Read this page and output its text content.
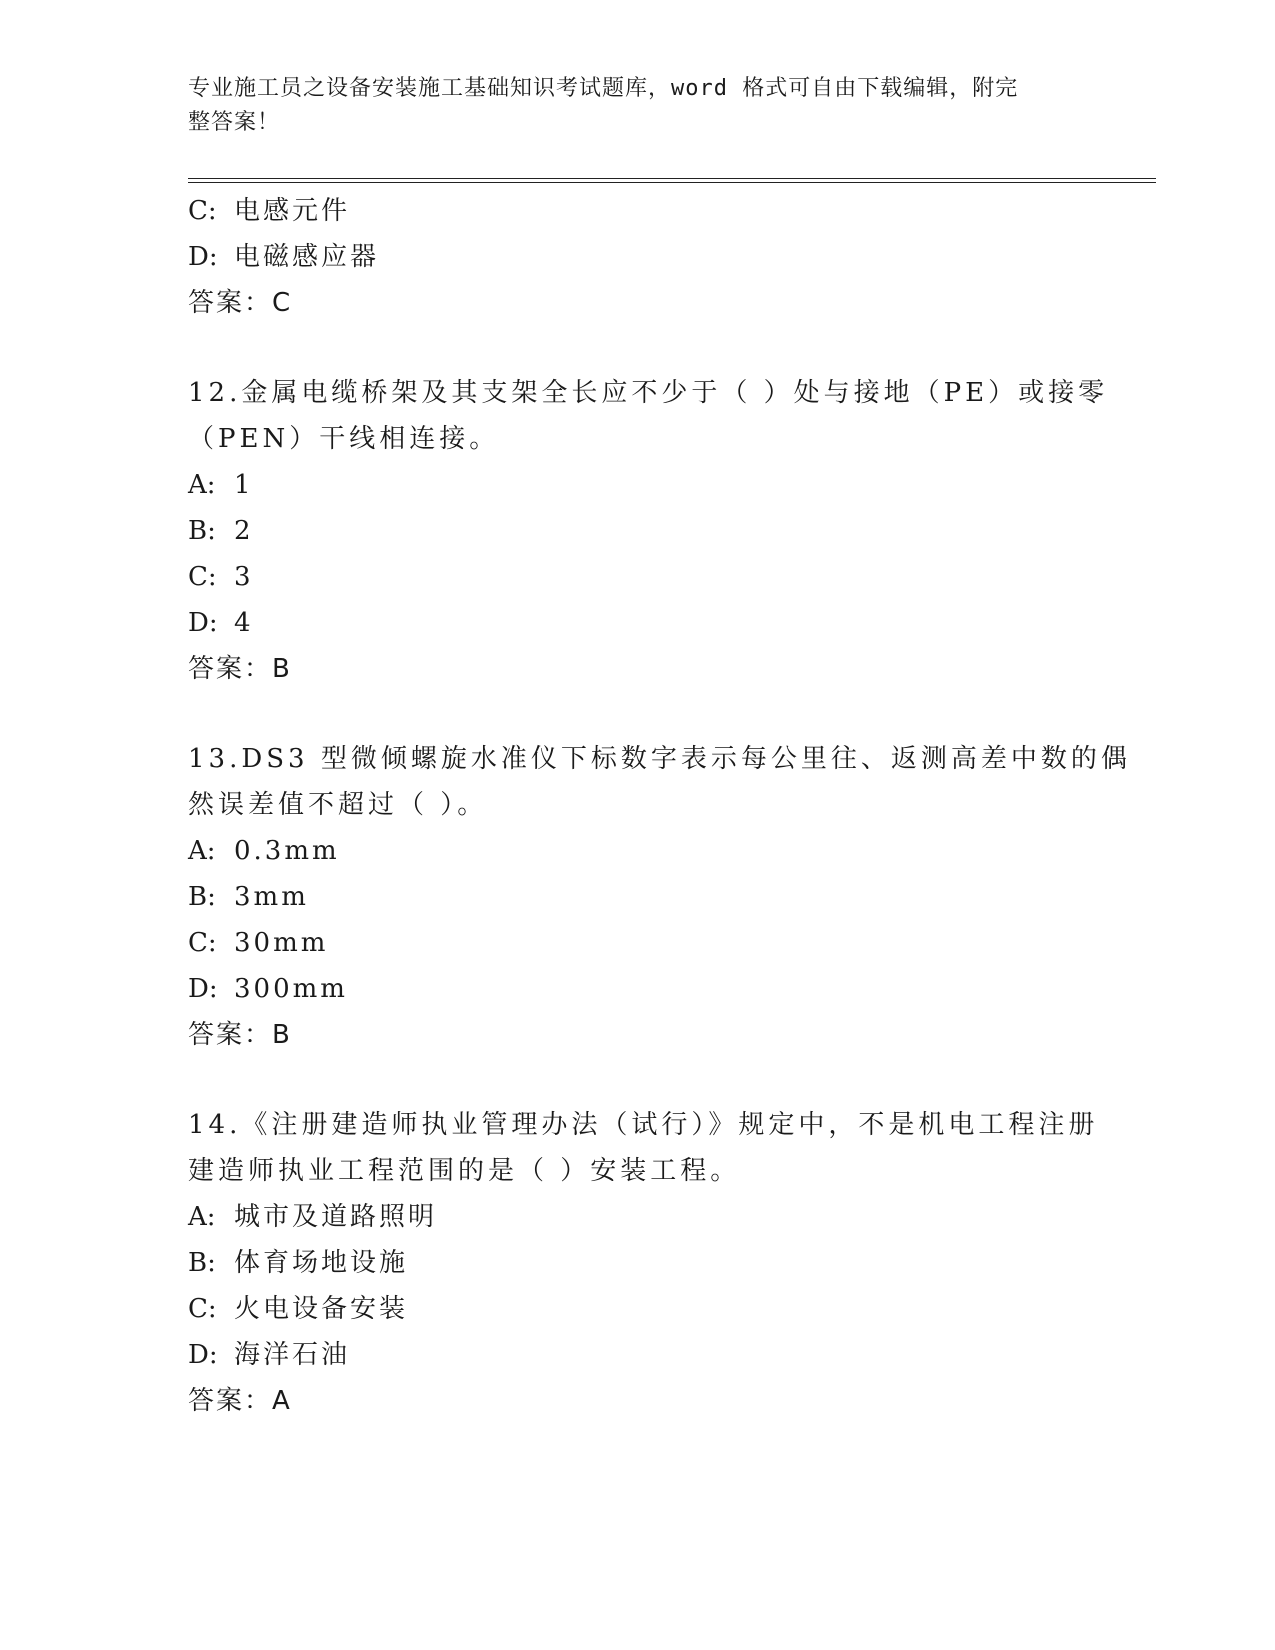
专业施工员之设备安装施工基础知识考试题库，word 格式可自由下载编辑，附完
整答案！
C: 电感元件
D: 电磁感应器
答案：C
12.金属电缆桥架及其支架全长应不少于（ ）处与接地（PE）或接零
（PEN）干线相连接。
A: 1
B: 2
C: 3
D: 4
答案：B
13.DS3 型微倾螺旋水准仪下标数字表示每公里往、返测高差中数的偶
然误差值不超过（ ）。
A: 0.3mm
B: 3mm
C: 30mm
D: 300mm
答案：B
14.《注册建造师执业管理办法（试行）》规定中，不是机电工程注册
建造师执业工程范围的是（ ）安装工程。
A: 城市及道路照明
B: 体育场地设施
C: 火电设备安装
D: 海洋石油
答案：A
